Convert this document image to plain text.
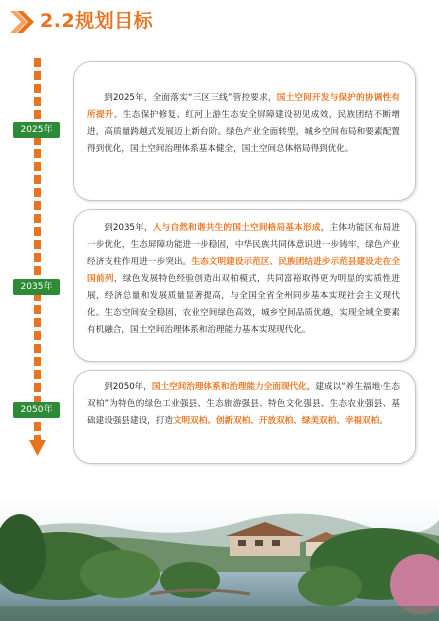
2.2规划目标
2025年
2035年
2050年
到2025年，全面落实“三区三线”管控要求，国土空间开发与保护的协调性有所提升。生态保护修复、红河上游生态安全屏障建设初见成效，民族团结不断增进，高质量跨越式发展迈上新台阶。绿色产业全面转型，城乡空间布局和要素配置得到优化，国土空间治理体系基本健全，国土空间总体格局得到优化。
到2035年，人与自然和谐共生的国土空间格局基本形成，主体功能区布局进一步优化，生态屏障功能进一步稳固，中华民族共同体意识进一步铸牢，绿色产业经济支柱作用进一步突出。生态文明建设示范区、民族团结进步示范县建设走在全国前列，绿色发展特色经验创造出双柏模式，共同富裕取得更为明显的实质性进展，经济总量和发展质量显著提高，与全国全省全州同步基本实现社会主义现代化。生态空间安全稳固，农业空间绿色高效，城乡空间品质优越，实现全域全要素有机融合，国土空间治理体系和治理能力基本实现现代化。
到2050年，国土空间治理体系和治理能力全面现代化，建成以“养生福地·生态双柏”为特色的绿色工业强县、生态旅游强县、特色文化强县、生态农业强县、基础建设强县建设，打造文明双柏、创新双柏、开放双柏、绿美双柏、幸福双柏。
